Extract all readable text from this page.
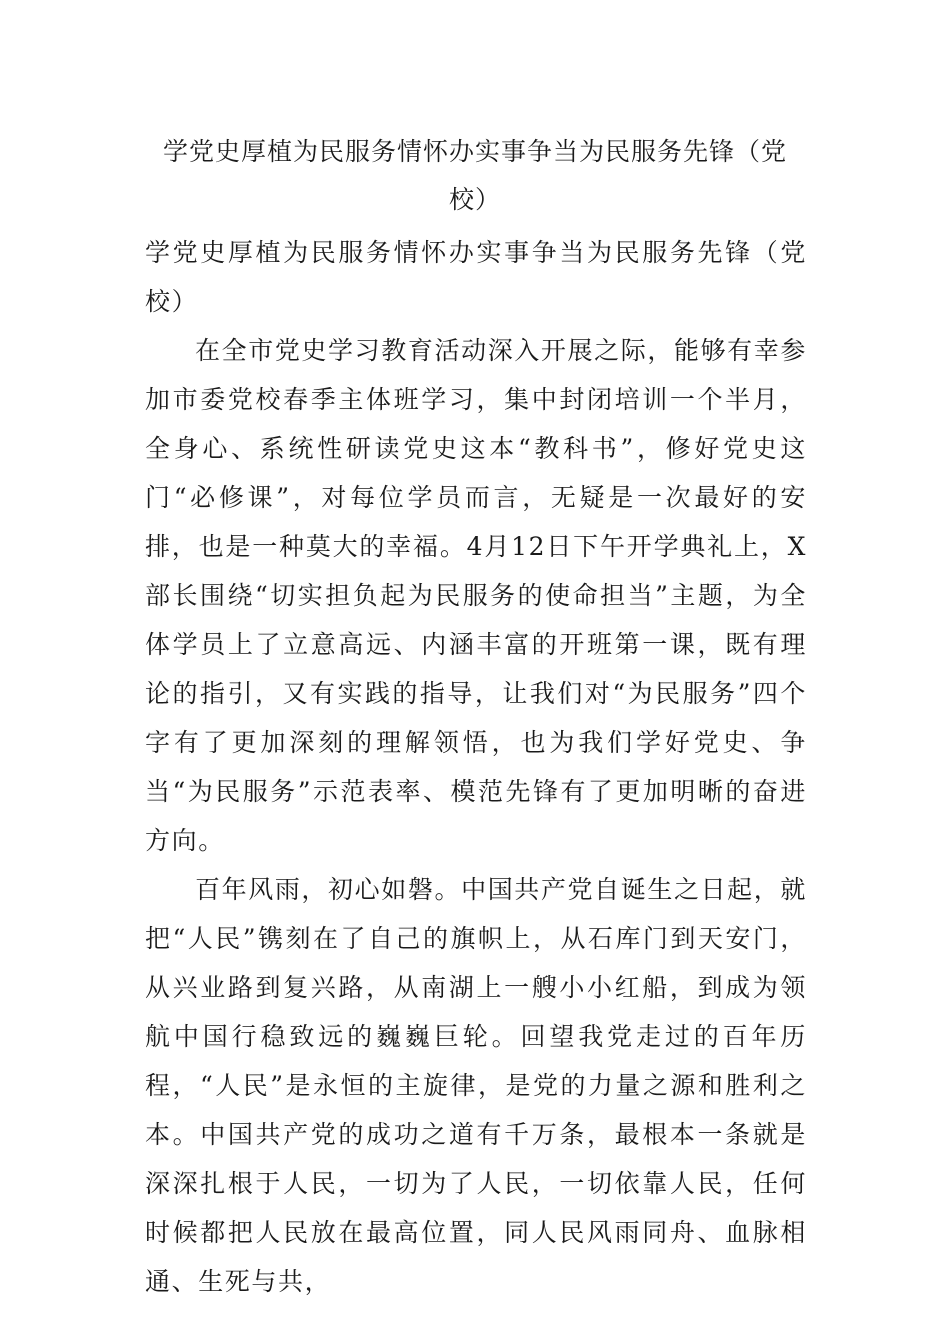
学党史厚植为民服务情怀办实事争当为民服务先锋（党校）

学党史厚植为民服务情怀办实事争当为民服务先锋（党校）

在全市党史学习教育活动深入开展之际，能够有幸参加市委党校春季主体班学习，集中封闭培训一个半月，全身心、系统性研读党史这本“教科书”，修好党史这门“必修课”，对每位学员而言，无疑是一次最好的安排，也是一种莫大的幸福。4月12日下午开学典礼上，X部长围绕“切实担负起为民服务的使命担当”主题，为全体学员上了立意高远、内涵丰富的开班第一课，既有理论的指引，又有实践的指导，让我们对“为民服务”四个字有了更加深刻的理解领悟，也为我们学好党史、争当“为民服务”示范表率、模范先锋有了更加明晰的奋进方向。

百年风雨，初心如磐。中国共产党自诞生之日起，就把“人民”镌刻在了自己的旗帜上，从石库门到天安门，从兴业路到复兴路，从南湖上一艘小小红船，到成为领航中国行稳致远的巍巍巨轮。回望我党走过的百年历程，“人民”是永恒的主旋律，是党的力量之源和胜利之本。中国共产党的成功之道有千万条，最根本一条就是深深扎根于人民，一切为了人民，一切依靠人民，任何时候都把人民放在最高位置，同人民风雨同舟、血脉相通、生死与共，
